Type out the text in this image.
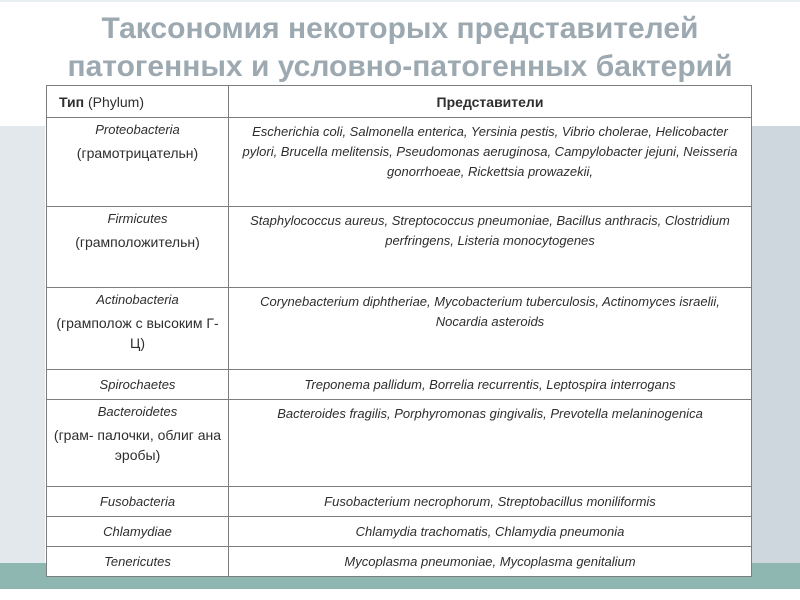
Таксономия некоторых представителей
патогенных и условно-патогенных бактерий
Тип (Phylum)	Представители

Proteobacteria
(грамотрицательн)	Escherichia coli, Salmonella enterica, Yersinia pestis, Vibrio cholerae, Helicobacter pylori, Brucella melitensis, Pseudomonas aeruginosa, Campylobacter jejuni, Neisseria gonorrhoeae, Rickettsia prowazekii,

Firmicutes
(грамположительн)	Staphylococcus aureus, Streptococcus pneumoniae, Bacillus anthracis, Clostridium perfringens, Listeria monocytogenes

Actinobacteria
(грамполож с высоким Г-Ц)	Corynebacterium diphtheriae, Mycobacterium tuberculosis, Actinomyces israelii, Nocardia asteroids

Spirochaetes	Treponema pallidum, Borrelia recurrentis, Leptospira interrogans

Bacteroidetes
(грам- палочки, облиг анаэробы)	Bacteroides fragilis, Porphyromonas gingivalis, Prevotella melaninogenica

Fusobacteria	Fusobacterium necrophorum, Streptobacillus moniliformis

Chlamydiae	Chlamydia trachomatis, Chlamydia pneumonia

Tenericutes	Mycoplasma pneumoniae, Mycoplasma genitalium
